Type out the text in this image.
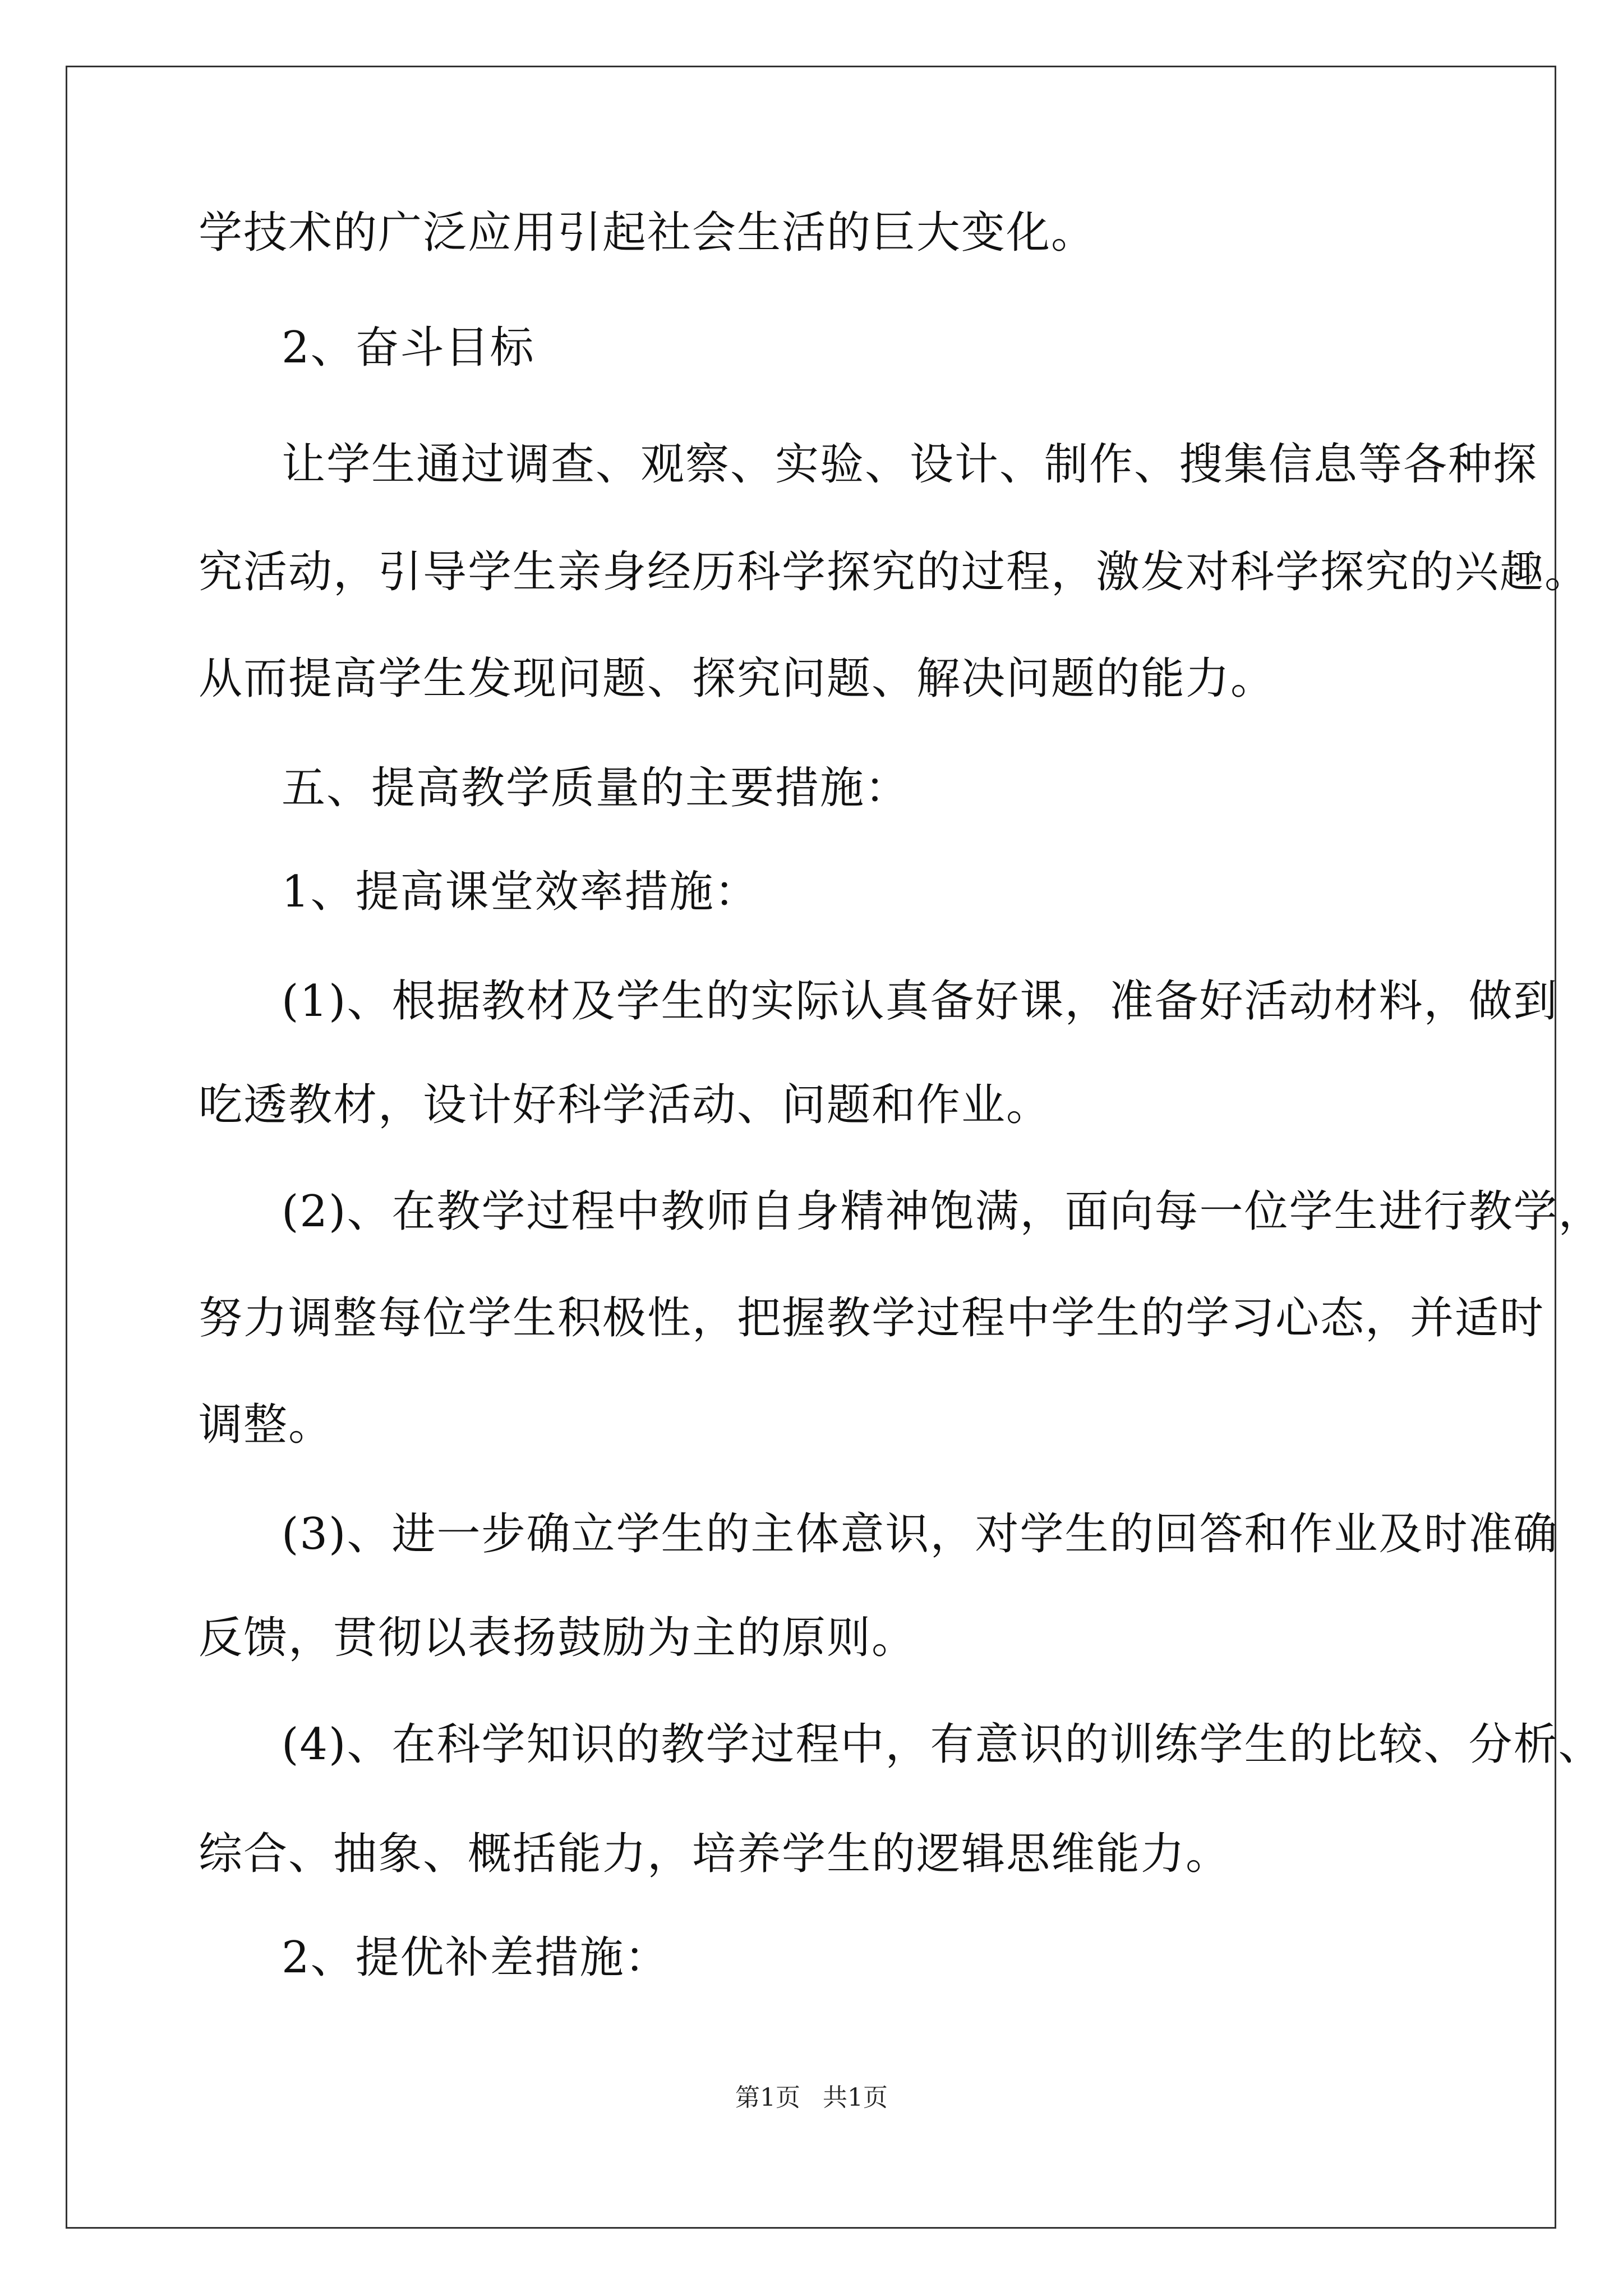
学技术的广泛应用引起社会生活的巨大变化。

2、奋斗目标

让学生通过调查、观察、实验、设计、制作、搜集信息等各种探

究活动，引导学生亲身经历科学探究的过程，激发对科学探究的兴趣。

从而提高学生发现问题、探究问题、解决问题的能力。

五、提高教学质量的主要措施：

1、提高课堂效率措施：

(1)、根据教材及学生的实际认真备好课，准备好活动材料，做到

吃透教材，设计好科学活动、问题和作业。

(2)、在教学过程中教师自身精神饱满，面向每一位学生进行教学，

努力调整每位学生积极性，把握教学过程中学生的学习心态，并适时

调整。

(3)、进一步确立学生的主体意识，对学生的回答和作业及时准确

反馈，贯彻以表扬鼓励为主的原则。

(4)、在科学知识的教学过程中，有意识的训练学生的比较、分析、

综合、抽象、概括能力，培养学生的逻辑思维能力。

2、提优补差措施：

第1页 共1页
